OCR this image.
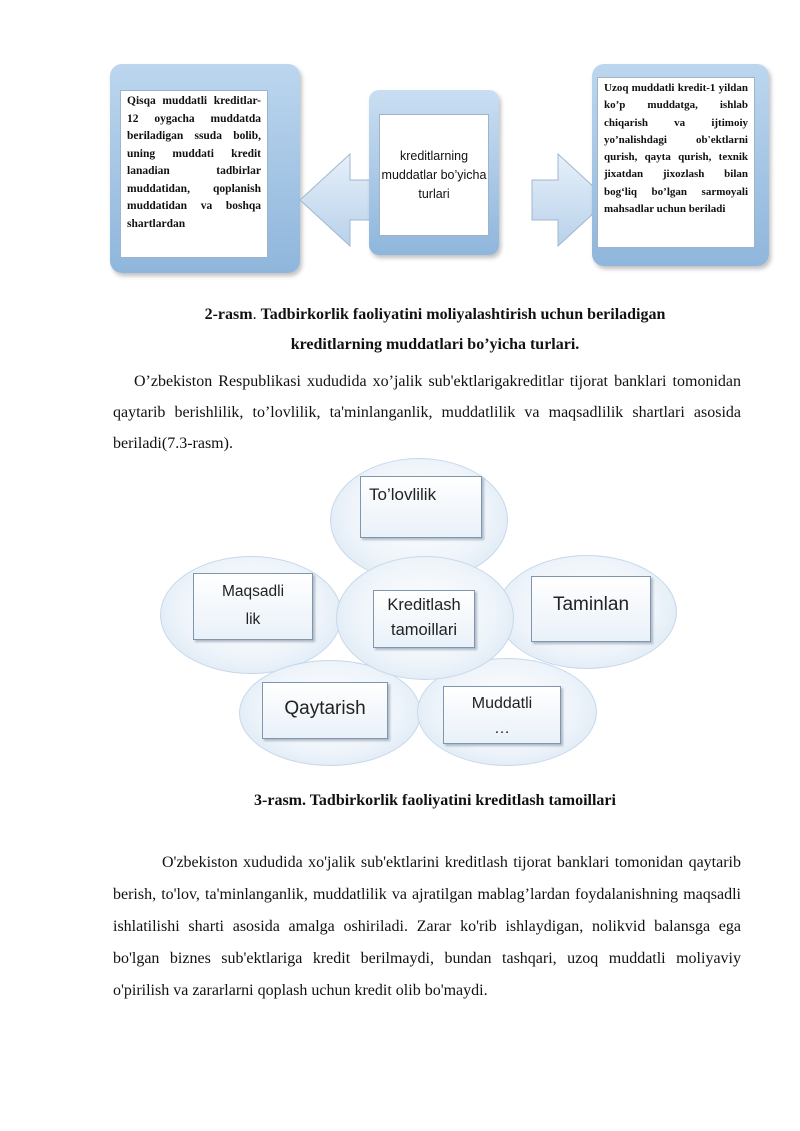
Qisqa muddatli kreditlar-12 oygacha muddatda beriladigan ssuda bolib, uning muddati kredit lanadian tadbirlar muddatidan, qoplanish muddatidan va boshqa shartlardan
kreditlarning muddatlar bo’yicha turlari
Uzoq muddatli kredit-1 yildan ko’p muddatga, ishlab chiqarish va ijtimoiy yo’nalishdagi ob'ektlarni qurish, qayta qurish, texnik jixatdan jixozlash bilan bog‘liq bo’lgan sarmoyali mahsadlar uchun beriladi
2-rasm. Tadbirkorlik faoliyatini moliyalashtirish uchun beriladigan
kreditlarning muddatlari bo’yicha turlari.
O’zbekiston Respublikasi xududida xo’jalik sub'ektlarigakreditlar tijorat banklari tomonidan qaytarib berishlilik, to’lovlilik, ta'minlanganlik, muddatlilik va maqsadlilik shartlari asosida beriladi(7.3-rasm).
To’lovlilik
Kreditlash tamoillari
Maqsadli lik
Taminlan
Qaytarish	Muddatli …
3-rasm. Tadbirkorlik faoliyatini kreditlash tamoillari
O'zbekiston xududida xo'jalik sub'ektlarini kreditlash tijorat banklari tomonidan qaytarib berish, to'lov, ta'minlanganlik, muddatlilik va ajratilgan mablag’lardan foydalanishning maqsadli ishlatilishi sharti asosida amalga oshiriladi. Zarar ko'rib ishlaydigan, nolikvid balansga ega bo'lgan biznes sub'ektlariga kredit berilmaydi, bundan tashqari, uzoq muddatli moliyaviy o'pirilish va zararlarni qoplash uchun kredit olib bo'maydi.
